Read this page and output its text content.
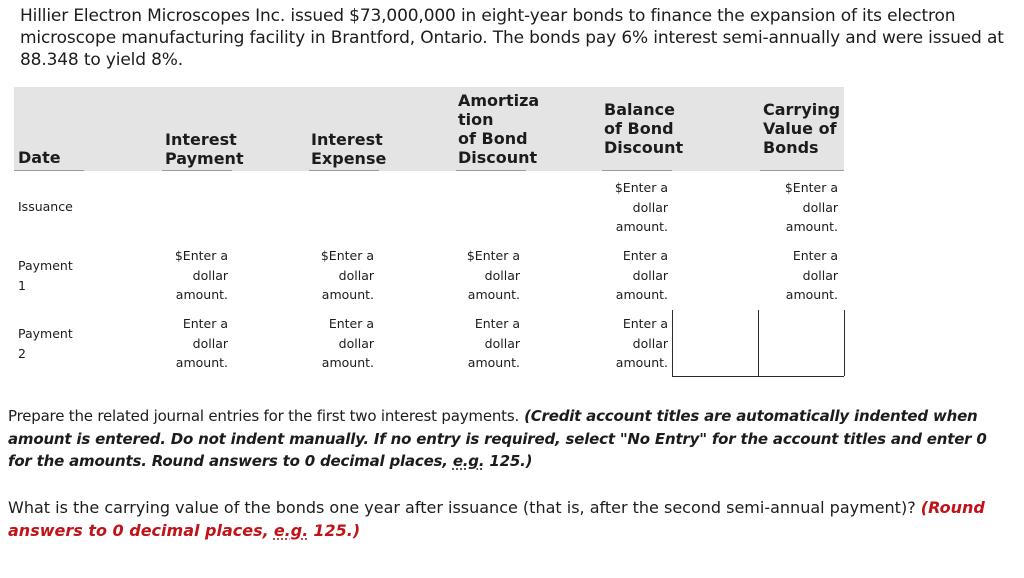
Hillier Electron Microscopes Inc. issued $73,000,000 in eight-year bonds to finance the expansion of its electron microscope manufacturing facility in Brantford, Ontario. The bonds pay 6% interest semi-annually and were issued at 88.348 to yield 8%.
Date
Interest Payment
Interest Expense
Amortiza
tion
of Bond
Discount
Balance
of Bond
Discount
Carrying
Value of
Bonds
Issuance
Payment
1
Payment
2
$Enter a
dollar
amount.
$Enter a
dollar
amount.
$Enter a
dollar
amount.
$Enter a
dollar
amount.
$Enter a
dollar
amount.
Enter a
dollar
amount.
Enter a
dollar
amount.
Enter a
dollar
amount.
Enter a
dollar
amount.
Enter a
dollar
amount.
Enter a
dollar
amount.
Prepare the related journal entries for the first two interest payments. (Credit account titles are automatically indented when amount is entered. Do not indent manually. If no entry is required, select "No Entry" for the account titles and enter 0 for the amounts. Round answers to 0 decimal places, e.g. 125.)
What is the carrying value of the bonds one year after issuance (that is, after the second semi-annual payment)? (Round answers to 0 decimal places, e.g. 125.)
